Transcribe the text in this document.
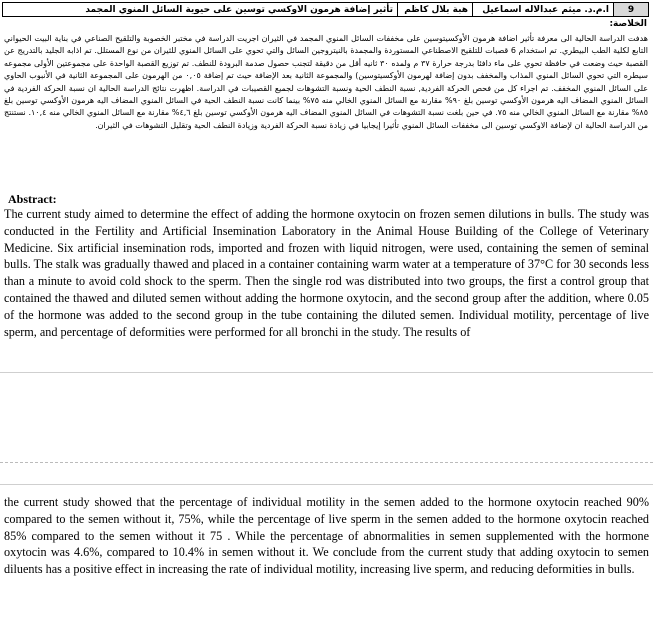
9
ا.م.د. ميثم عبدالاله اسماعيل
هبة بلال كاظم
تأثير إضافة هرمون الاوكسي توسين على حيوية السائل المنوي المجمد
الخلاصة:
هدفت الدراسة الحالية الى معرفة تأثير اضافة هرمون الأوكسيتوسين على مخففات السائل المنوي المجمد في الثيران اجريت الدراسة في مختبر الخصوبة والتلقيح الصناعي في بناية البيت الحيواني التابع لكلية الطب البيطري. تم استخدام 6 قصبات للتلقيح الاصطناعي المستوردة والمجمدة بالنيتروجين السائل والتي تحوي على السائل المنوي للثيران من نوع المستلل. تم اذابه الجليد بالتدريج عن القصبة حيث وضعت في حافظة تحوي على ماء دافئا بدرجة حرارة ٣٧ م ولمده ٣٠ ثانيه أقل من دقيقة لتجنب حصول صدمة البرودة للنطف. تم توزيع القصبة الواحدة على مجموعتين الأولى مجموعه سيطره التي تحوي السائل المنوي المذاب والمخفف بدون إضافة لهرمون الأوكسيتوسين) والمجموعة الثانية بعد الإضافة حيث تم إضافة ٠,٠٥ من الهرمون على المجموعة الثانية في الأنبوب الحاوي على السائل المنوي المخفف. تم اجراء كل من فحص الحركة الفردية, نسبة النطف الحية ونسبة التشوهات لجميع القصيبات في الدراسة. اظهرت نتائج الدراسة الحالية ان نسبة الحركة الفردية في السائل المنوي المضاف اليه هرمون الأوكسي توسين بلغ ٩٠% مقارنة مع السائل المنوي الخالي منه ٧٥% بينما كانت نسبة النطف الحية في السائل المنوي المضاف اليه هرمون الأوكسي توسين بلغ ٨٥% مقارنة مع السائل المنوي الخالي منه ٧٥. في حين بلغت نسبة التشوهات في السائل المنوي المضاف اليه هرمون الأوكسي توسين بلغ ٤,٦% مقارنة مع السائل المنوي الخالي منه ١٠,٤. نستنتج من الدراسة الحالية ان لإضافة الاوكسي توسين الى مخففات السائل المنوي تأثيرا إيجابيا في زيادة نسبة الحركة الفردية وزيادة النطف الحية وتقليل التشوهات في الثيران.
Abstract:
The current study aimed to determine the effect of adding the hormone oxytocin on frozen semen dilutions in bulls. The study was conducted in the Fertility and Artificial Insemination Laboratory in the Animal House Building of the College of Veterinary Medicine. Six artificial insemination rods, imported and frozen with liquid nitrogen, were used, containing the semen of seminal bulls. The stalk was gradually thawed and placed in a container containing warm water at a temperature of 37°C for 30 seconds less than a minute to avoid cold shock to the sperm. Then the single rod was distributed into two groups, the first a control group that contained the thawed and diluted semen without adding the hormone oxytocin, and the second group after the addition, where 0.05 of the hormone was added to the second group in the tube containing the diluted semen. Individual motility, percentage of live sperm, and percentage of deformities were performed for all bronchi in the study. The results of
the current study showed that the percentage of individual motility in the semen added to the hormone oxytocin reached 90% compared to the semen without it, 75%, while the percentage of live sperm in the semen added to the hormone oxytocin reached 85% compared to the semen without it 75 . While the percentage of abnormalities in semen supplemented with the hormone oxytocin was 4.6%, compared to 10.4% in semen without it. We conclude from the current study that adding oxytocin to semen diluents has a positive effect in increasing the rate of individual motility, increasing live sperm, and reducing deformities in bulls.
